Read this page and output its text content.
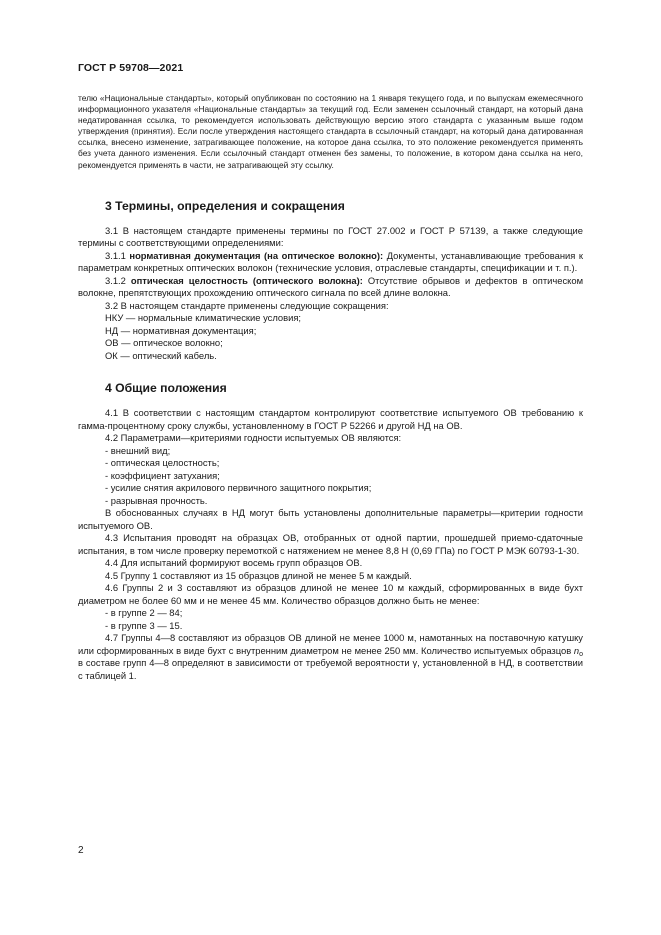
ГОСТ Р 59708—2021

телю «Национальные стандарты», который опубликован по состоянию на 1 января текущего года, и по выпускам ежемесячного информационного указателя «Национальные стандарты» за текущий год. Если заменен ссылочный стандарт, на который дана недатированная ссылка, то рекомендуется использовать действующую версию этого стандарта с указанным выше годом утверждения (принятия). Если после утверждения настоящего стандарта в ссылочный стандарт, на который дана датированная ссылка, внесено изменение, затрагивающее положение, на которое дана ссылка, то это положение рекомендуется применять без учета данного изменения. Если ссылочный стандарт отменен без замены, то положение, в котором дана ссылка на него, рекомендуется применять в части, не затрагивающей эту ссылку.

3 Термины, определения и сокращения

3.1 В настоящем стандарте применены термины по ГОСТ 27.002 и ГОСТ Р 57139, а также следующие термины с соответствующими определениями:

3.1.1 нормативная документация (на оптическое волокно): Документы, устанавливающие требования к параметрам конкретных оптических волокон (технические условия, отраслевые стандарты, спецификации и т. п.).

3.1.2 оптическая целостность (оптического волокна): Отсутствие обрывов и дефектов в оптическом волокне, препятствующих прохождению оптического сигнала по всей длине волокна.

3.2 В настоящем стандарте применены следующие сокращения:

НКУ — нормальные климатические условия;

НД — нормативная документация;

ОВ — оптическое волокно;

ОК — оптический кабель.

4 Общие положения

4.1 В соответствии с настоящим стандартом контролируют соответствие испытуемого ОВ требованию к гамма-процентному сроку службы, установленному в ГОСТ Р 52266 и другой НД на ОВ.

4.2 Параметрами—критериями годности испытуемых ОВ являются:

- внешний вид;

- оптическая целостность;

- коэффициент затухания;

- усилие снятия акрилового первичного защитного покрытия;

- разрывная прочность.

В обоснованных случаях в НД могут быть установлены дополнительные параметры—критерии годности испытуемого ОВ.

4.3 Испытания проводят на образцах ОВ, отобранных от одной партии, прошедшей приемо-сдаточные испытания, в том числе проверку перемоткой с натяжением не менее 8,8 Н (0,69 ГПа) по ГОСТ Р МЭК 60793-1-30.

4.4 Для испытаний формируют восемь групп образцов ОВ.

4.5 Группу 1 составляют из 15 образцов длиной не менее 5 м каждый.

4.6 Группы 2 и 3 составляют из образцов длиной не менее 10 м каждый, сформированных в виде бухт диаметром не более 60 мм и не менее 45 мм. Количество образцов должно быть не менее:

- в группе 2 — 84;

- в группе 3 — 15.

4.7 Группы 4—8 составляют из образцов ОВ длиной не менее 1000 м, намотанных на поставочную катушку или сформированных в виде бухт с внутренним диаметром не менее 250 мм. Количество испытуемых образцов $n_о$ в составе групп 4—8 определяют в зависимости от требуемой вероятности γ, установленной в НД, в соответствии с таблицей 1.

2
